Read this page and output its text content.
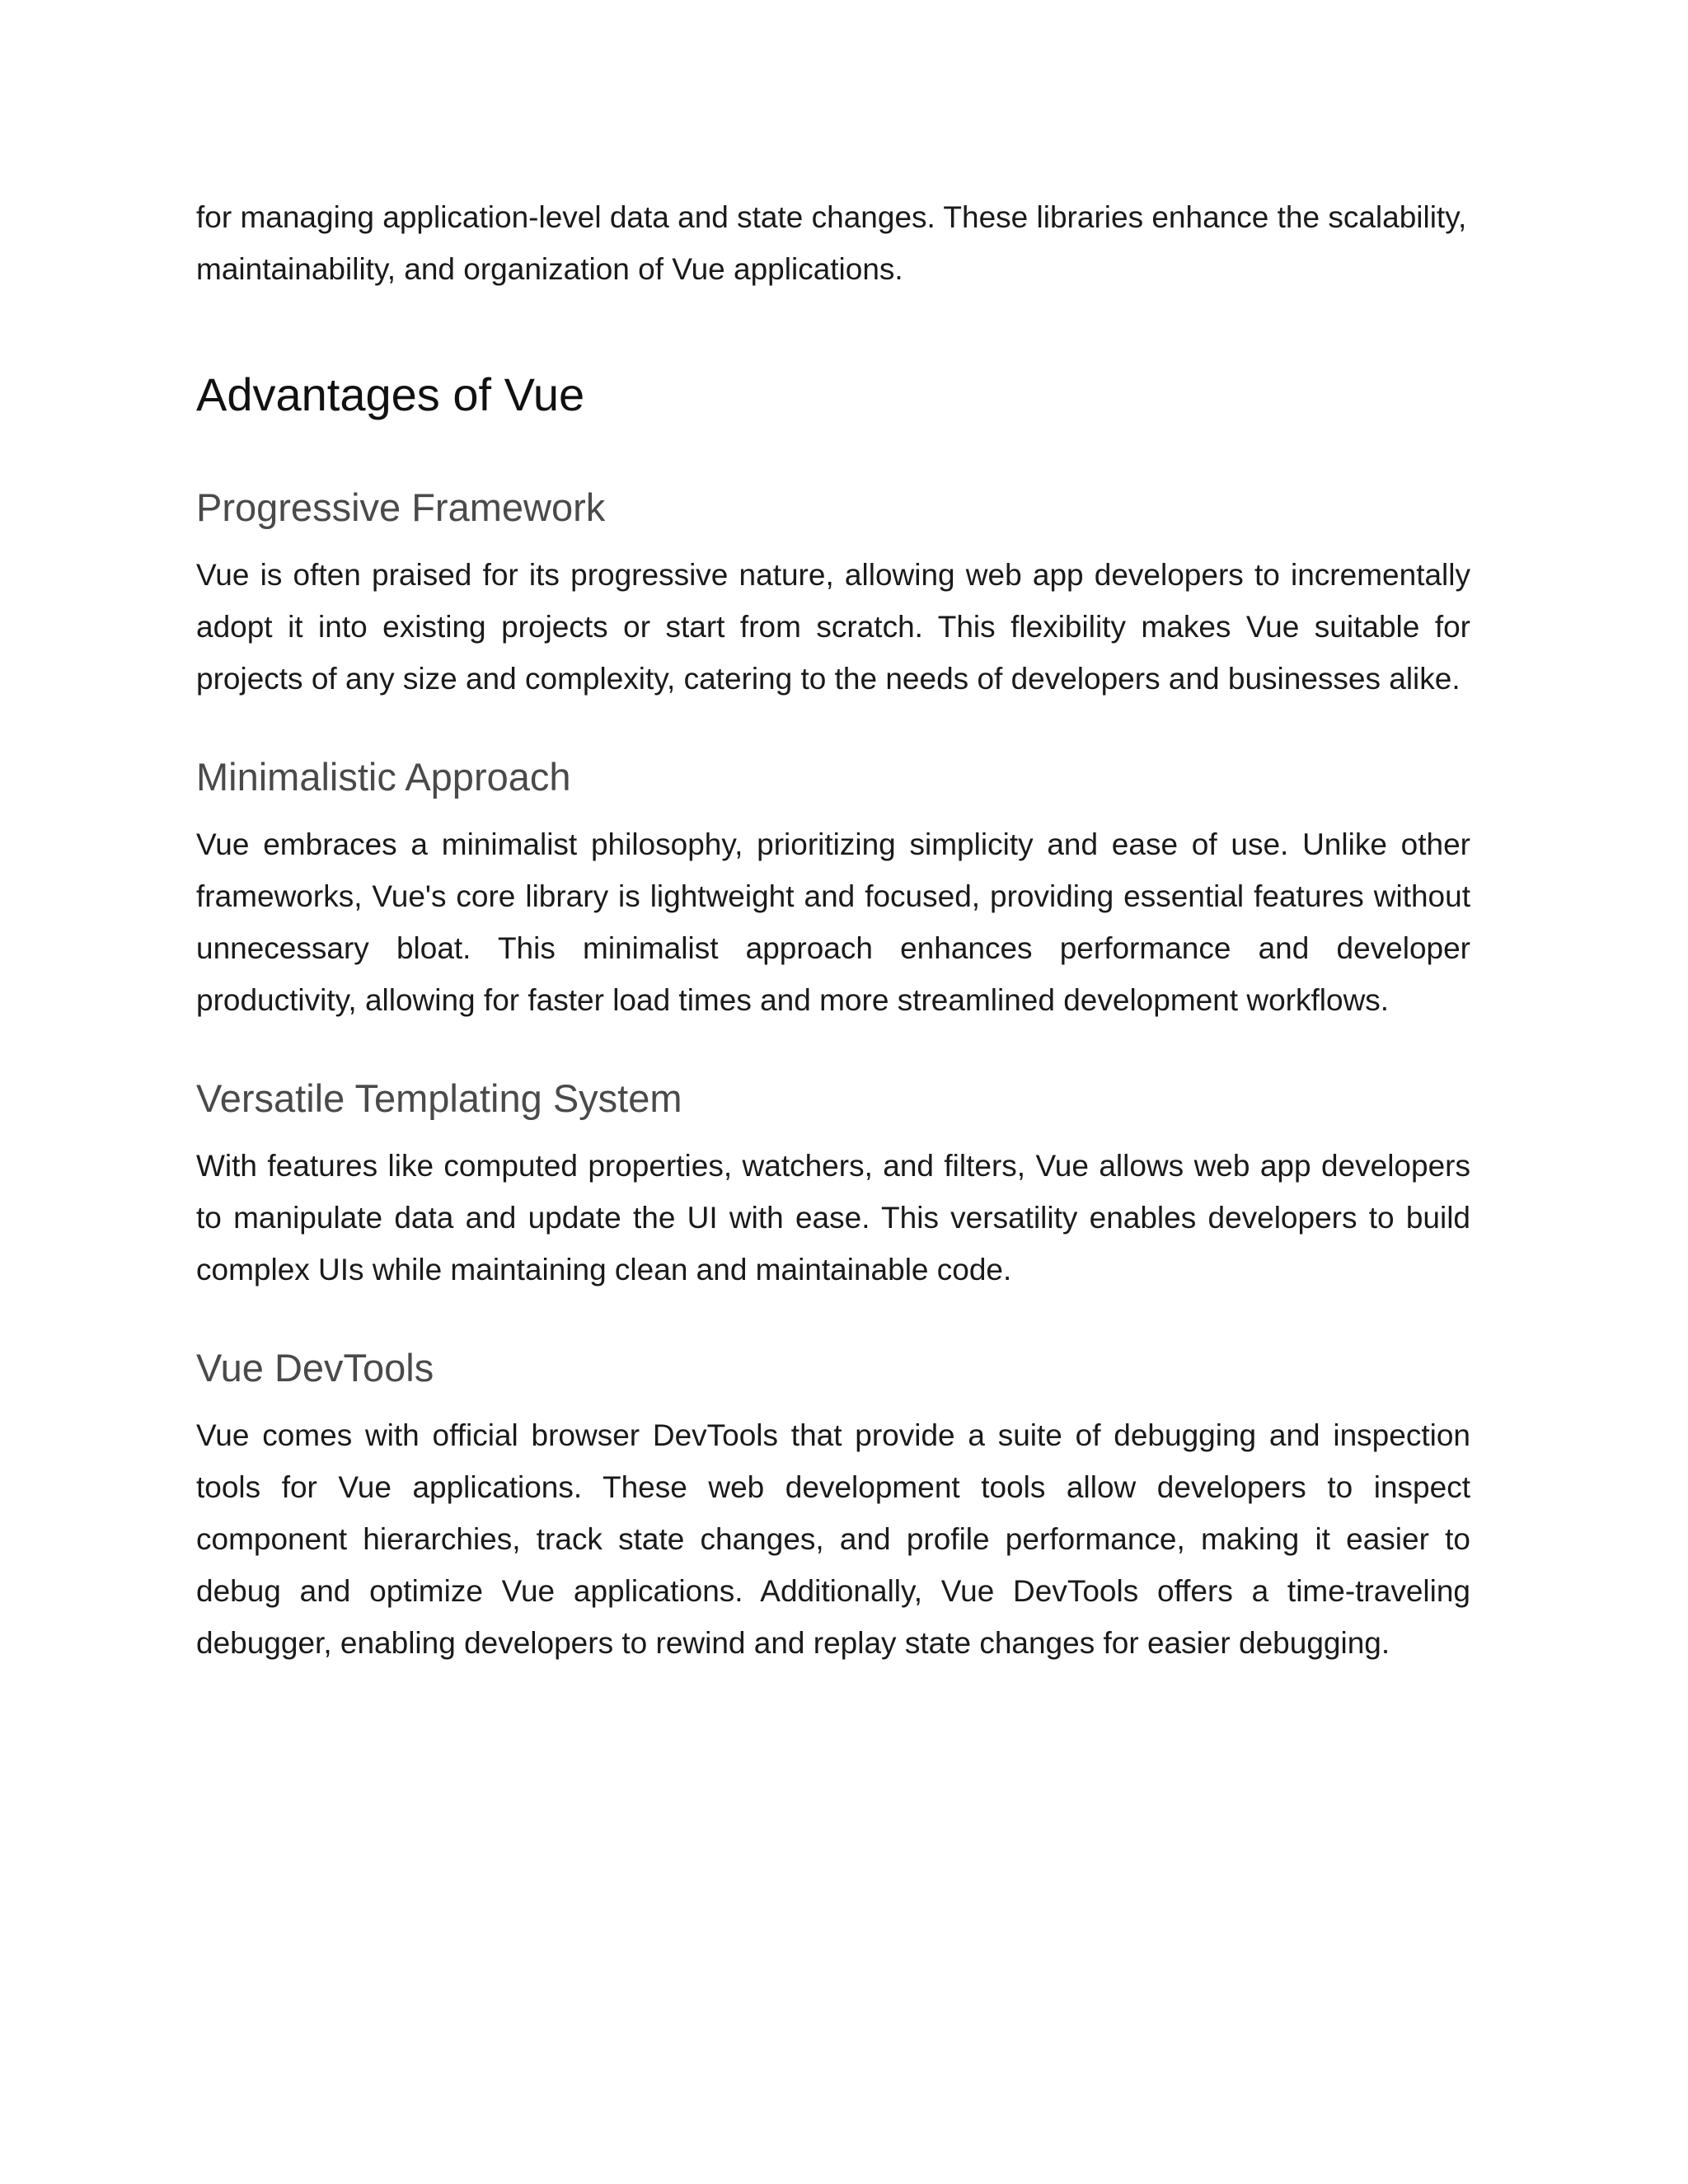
for managing application-level data and state changes. These libraries enhance the scalability, maintainability, and organization of Vue applications.

Advantages of Vue
Progressive Framework

Vue is often praised for its progressive nature, allowing web app developers to incrementally adopt it into existing projects or start from scratch. This flexibility makes Vue suitable for projects of any size and complexity, catering to the needs of developers and businesses alike.

Minimalistic Approach

Vue embraces a minimalist philosophy, prioritizing simplicity and ease of use. Unlike other frameworks, Vue's core library is lightweight and focused, providing essential features without unnecessary bloat. This minimalist approach enhances performance and developer productivity, allowing for faster load times and more streamlined development workflows.

Versatile Templating System

With features like computed properties, watchers, and filters, Vue allows web app developers to manipulate data and update the UI with ease. This versatility enables developers to build complex UIs while maintaining clean and maintainable code.

Vue DevTools

Vue comes with official browser DevTools that provide a suite of debugging and inspection tools for Vue applications. These web development tools allow developers to inspect component hierarchies, track state changes, and profile performance, making it easier to debug and optimize Vue applications. Additionally, Vue DevTools offers a time-traveling debugger, enabling developers to rewind and replay state changes for easier debugging.
